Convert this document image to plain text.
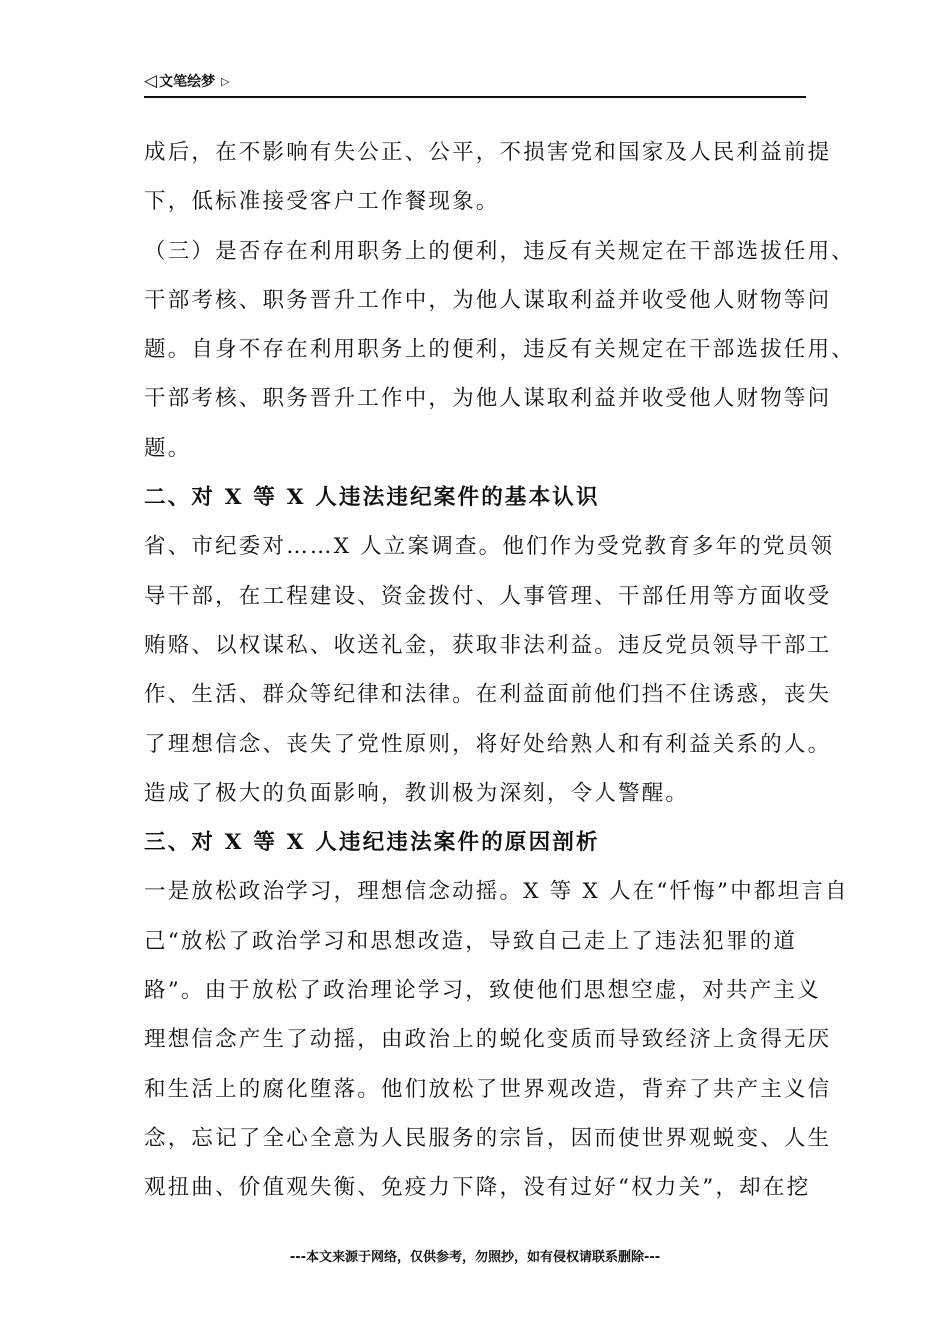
◁ 文笔绘梦 ▷
成后，在不影响有失公正、公平，不损害党和国家及人民利益前提
下，低标准接受客户工作餐现象。
（三）是否存在利用职务上的便利，违反有关规定在干部选拔任用、
干部考核、职务晋升工作中，为他人谋取利益并收受他人财物等问
题。自身不存在利用职务上的便利，违反有关规定在干部选拔任用、
干部考核、职务晋升工作中，为他人谋取利益并收受他人财物等问
题。
二、对 X 等 X 人违法违纪案件的基本认识
省、市纪委对……X 人立案调查。他们作为受党教育多年的党员领
导干部，在工程建设、资金拨付、人事管理、干部任用等方面收受
贿赂、以权谋私、收送礼金，获取非法利益。违反党员领导干部工
作、生活、群众等纪律和法律。在利益面前他们挡不住诱惑，丧失
了理想信念、丧失了党性原则，将好处给熟人和有利益关系的人。
造成了极大的负面影响，教训极为深刻，令人警醒。
三、对 X 等 X 人违纪违法案件的原因剖析
一是放松政治学习，理想信念动摇。X 等 X 人在“忏悔”中都坦言自
己“放松了政治学习和思想改造，导致自己走上了违法犯罪的道
路”。由于放松了政治理论学习，致使他们思想空虚，对共产主义
理想信念产生了动摇，由政治上的蜕化变质而导致经济上贪得无厌
和生活上的腐化堕落。他们放松了世界观改造，背弃了共产主义信
念，忘记了全心全意为人民服务的宗旨，因而使世界观蜕变、人生
观扭曲、价值观失衡、免疫力下降，没有过好“权力关”，却在挖
---本文来源于网络，仅供参考，勿照抄，如有侵权请联系删除---
